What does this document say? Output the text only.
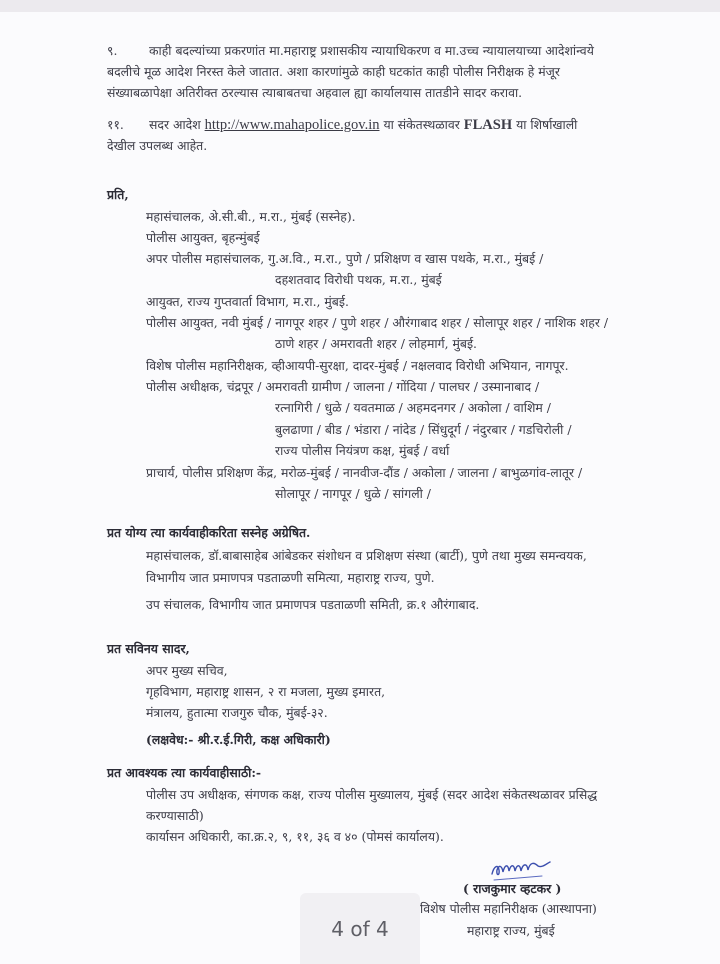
९.	काही बदल्यांच्या प्रकरणांत मा.महाराष्ट्र प्रशासकीय न्यायाधिकरण व मा.उच्च न्यायालयाच्या आदेशांन्वये
बदलीचे मूळ आदेश निरस्त केले जातात. अशा कारणांमुळे काही घटकांत काही पोलीस निरीक्षक हे मंजूर
संख्याबळापेक्षा अतिरीक्त ठरल्यास त्याबाबतचा अहवाल ह्या कार्यालयास तातडीने सादर करावा.
११. सदर आदेश http://www.mahapolice.gov.in या संकेतस्थळावर FLASH या शिर्षाखाली
देखील उपलब्ध आहेत.
प्रति,
महासंचालक, अे.सी.बी., म.रा., मुंबई (सस्नेह).
पोलीस आयुक्त, बृहन्मुंबई
अपर पोलीस महासंचालक, गु.अ.वि., म.रा., पुणे / प्रशिक्षण व खास पथके, म.रा., मुंबई /
दहशतवाद विरोधी पथक, म.रा., मुंबई
आयुक्त, राज्य गुप्तवार्ता विभाग, म.रा., मुंबई.
पोलीस आयुक्त, नवी मुंबई / नागपूर शहर / पुणे शहर / औरंगाबाद शहर / सोलापूर शहर / नाशिक शहर /
ठाणे शहर / अमरावती शहर / लोहमार्ग, मुंबई.
विशेष पोलीस महानिरीक्षक, व्हीआयपी-सुरक्षा, दादर-मुंबई / नक्षलवाद विरोधी अभियान, नागपूर.
पोलीस अधीक्षक, चंद्रपूर / अमरावती ग्रामीण / जालना / गोंदिया / पालघर / उस्मानाबाद /
रत्नागिरी / धुळे / यवतमाळ / अहमदनगर / अकोला / वाशिम /
बुलढाणा / बीड / भंडारा / नांदेड / सिंधुदूर्ग / नंदुरबार / गडचिरोली /
राज्य पोलीस नियंत्रण कक्ष, मुंबई / वर्धा
प्राचार्य, पोलीस प्रशिक्षण केंद्र, मरोळ-मुंबई / नानवीज-दौंड / अकोला / जालना / बाभुळगांव-लातूर /
सोलापूर / नागपूर / धुळे / सांगली /
प्रत योग्य त्या कार्यवाहीकरिता सस्नेह अग्रेषित.
महासंचालक, डॉ.बाबासाहेब आंबेडकर संशोधन व प्रशिक्षण संस्था (बार्टी), पुणे तथा मुख्य समन्वयक,
विभागीय जात प्रमाणपत्र पडताळणी समित्या, महाराष्ट्र राज्य, पुणे.
उप संचालक, विभागीय जात प्रमाणपत्र पडताळणी समिती, क्र.१ औरंगाबाद.
प्रत सविनय सादर,
अपर मुख्य सचिव,
गृहविभाग, महाराष्ट्र शासन, २ रा मजला, मुख्य इमारत,
मंत्रालय, हुतात्मा राजगुरु चौक, मुंबई-३२.
(लक्षवेध:- श्री.र.ई.गिरी, कक्ष अधिकारी)
प्रत आवश्यक त्या कार्यवाहीसाठी:-
पोलीस उप अधीक्षक, संगणक कक्ष, राज्य पोलीस मुख्यालय, मुंबई (सदर आदेश संकेतस्थळावर प्रसिद्ध
करण्यासाठी)
कार्यासन अधिकारी, का.क्र.२, ९, ११, ३६ व ४० (पोमसं कार्यालय).
( राजकुमार व्हटकर )
विशेष पोलीस महानिरीक्षक (आस्थापना)
महाराष्ट्र राज्य, मुंबई
4 of 4
